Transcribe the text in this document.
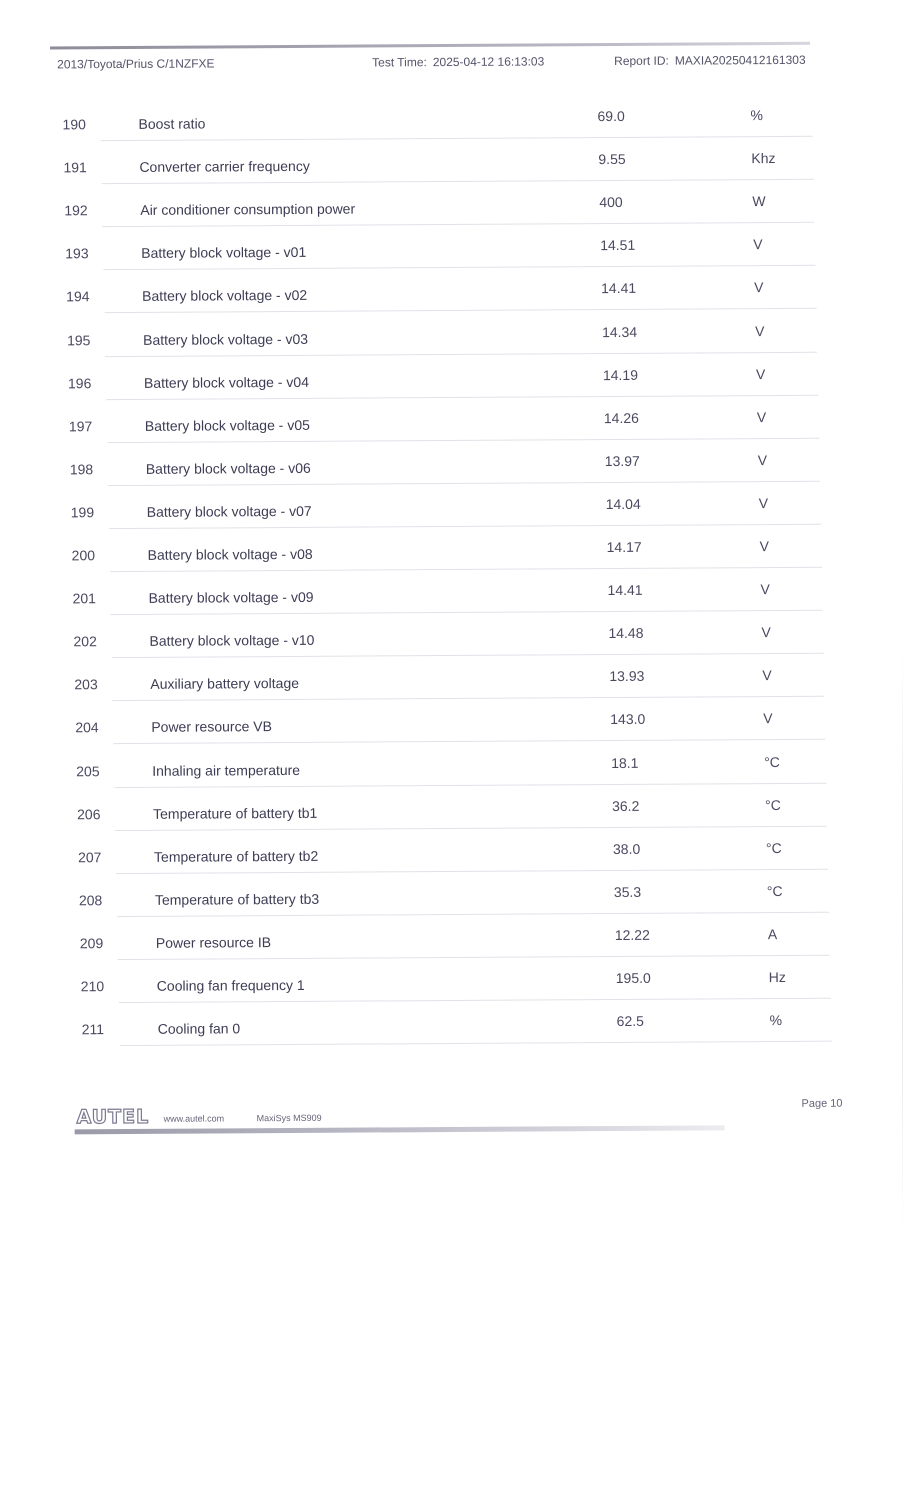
2013/Toyota/Prius C/1NZFXE	Test Time: 2025-04-12 16:13:03	Report ID: MAXIA20250412161303
190	Boost ratio	69.0	%
191	Converter carrier frequency	9.55	Khz
192	Air conditioner consumption power	400	W
193	Battery block voltage - v01	14.51	V
194	Battery block voltage - v02	14.41	V
195	Battery block voltage - v03	14.34	V
196	Battery block voltage - v04	14.19	V
197	Battery block voltage - v05	14.26	V
198	Battery block voltage - v06	13.97	V
199	Battery block voltage - v07	14.04	V
200	Battery block voltage - v08	14.17	V
201	Battery block voltage - v09	14.41	V
202	Battery block voltage - v10	14.48	V
203	Auxiliary battery voltage	13.93	V
204	Power resource VB	143.0	V
205	Inhaling air temperature	18.1	°C
206	Temperature of battery tb1	36.2	°C
207	Temperature of battery tb2	38.0	°C
208	Temperature of battery tb3	35.3	°C
209	Power resource IB	12.22	A
210	Cooling fan frequency 1	195.0	Hz
211	Cooling fan 0	62.5	%
AUTEL www.autel.com	MaxiSys MS909
Page 10
